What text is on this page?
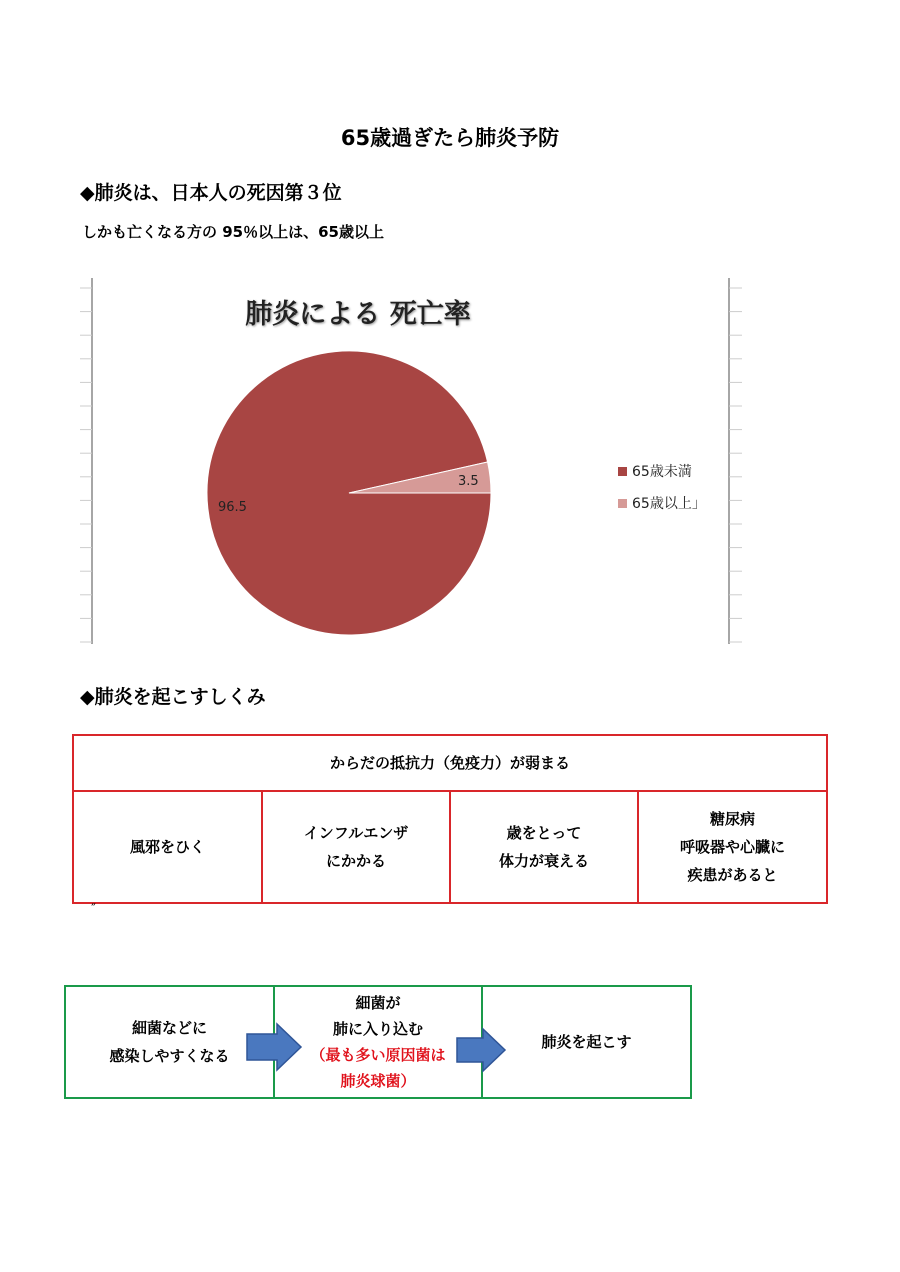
65歳過ぎたら肺炎予防
◆肺炎は、日本人の死因第３位
しかも亡くなる方の 95％以上は、65歳以上
肺炎による 死亡率
96.5
3.5
65歳未満
65歳以上」
◆肺炎を起こすしくみ
からだの抵抗力（免疫力）が弱まる
風邪をひく
インフルエンザ
にかかる
歳をとって
体力が衰える
糖尿病
呼吸器や心臓に
疾患があると
˝
細菌などに
感染しやすくなる
細菌が
肺に入り込む
（最も多い原因菌は
肺炎球菌）
肺炎を起こす
